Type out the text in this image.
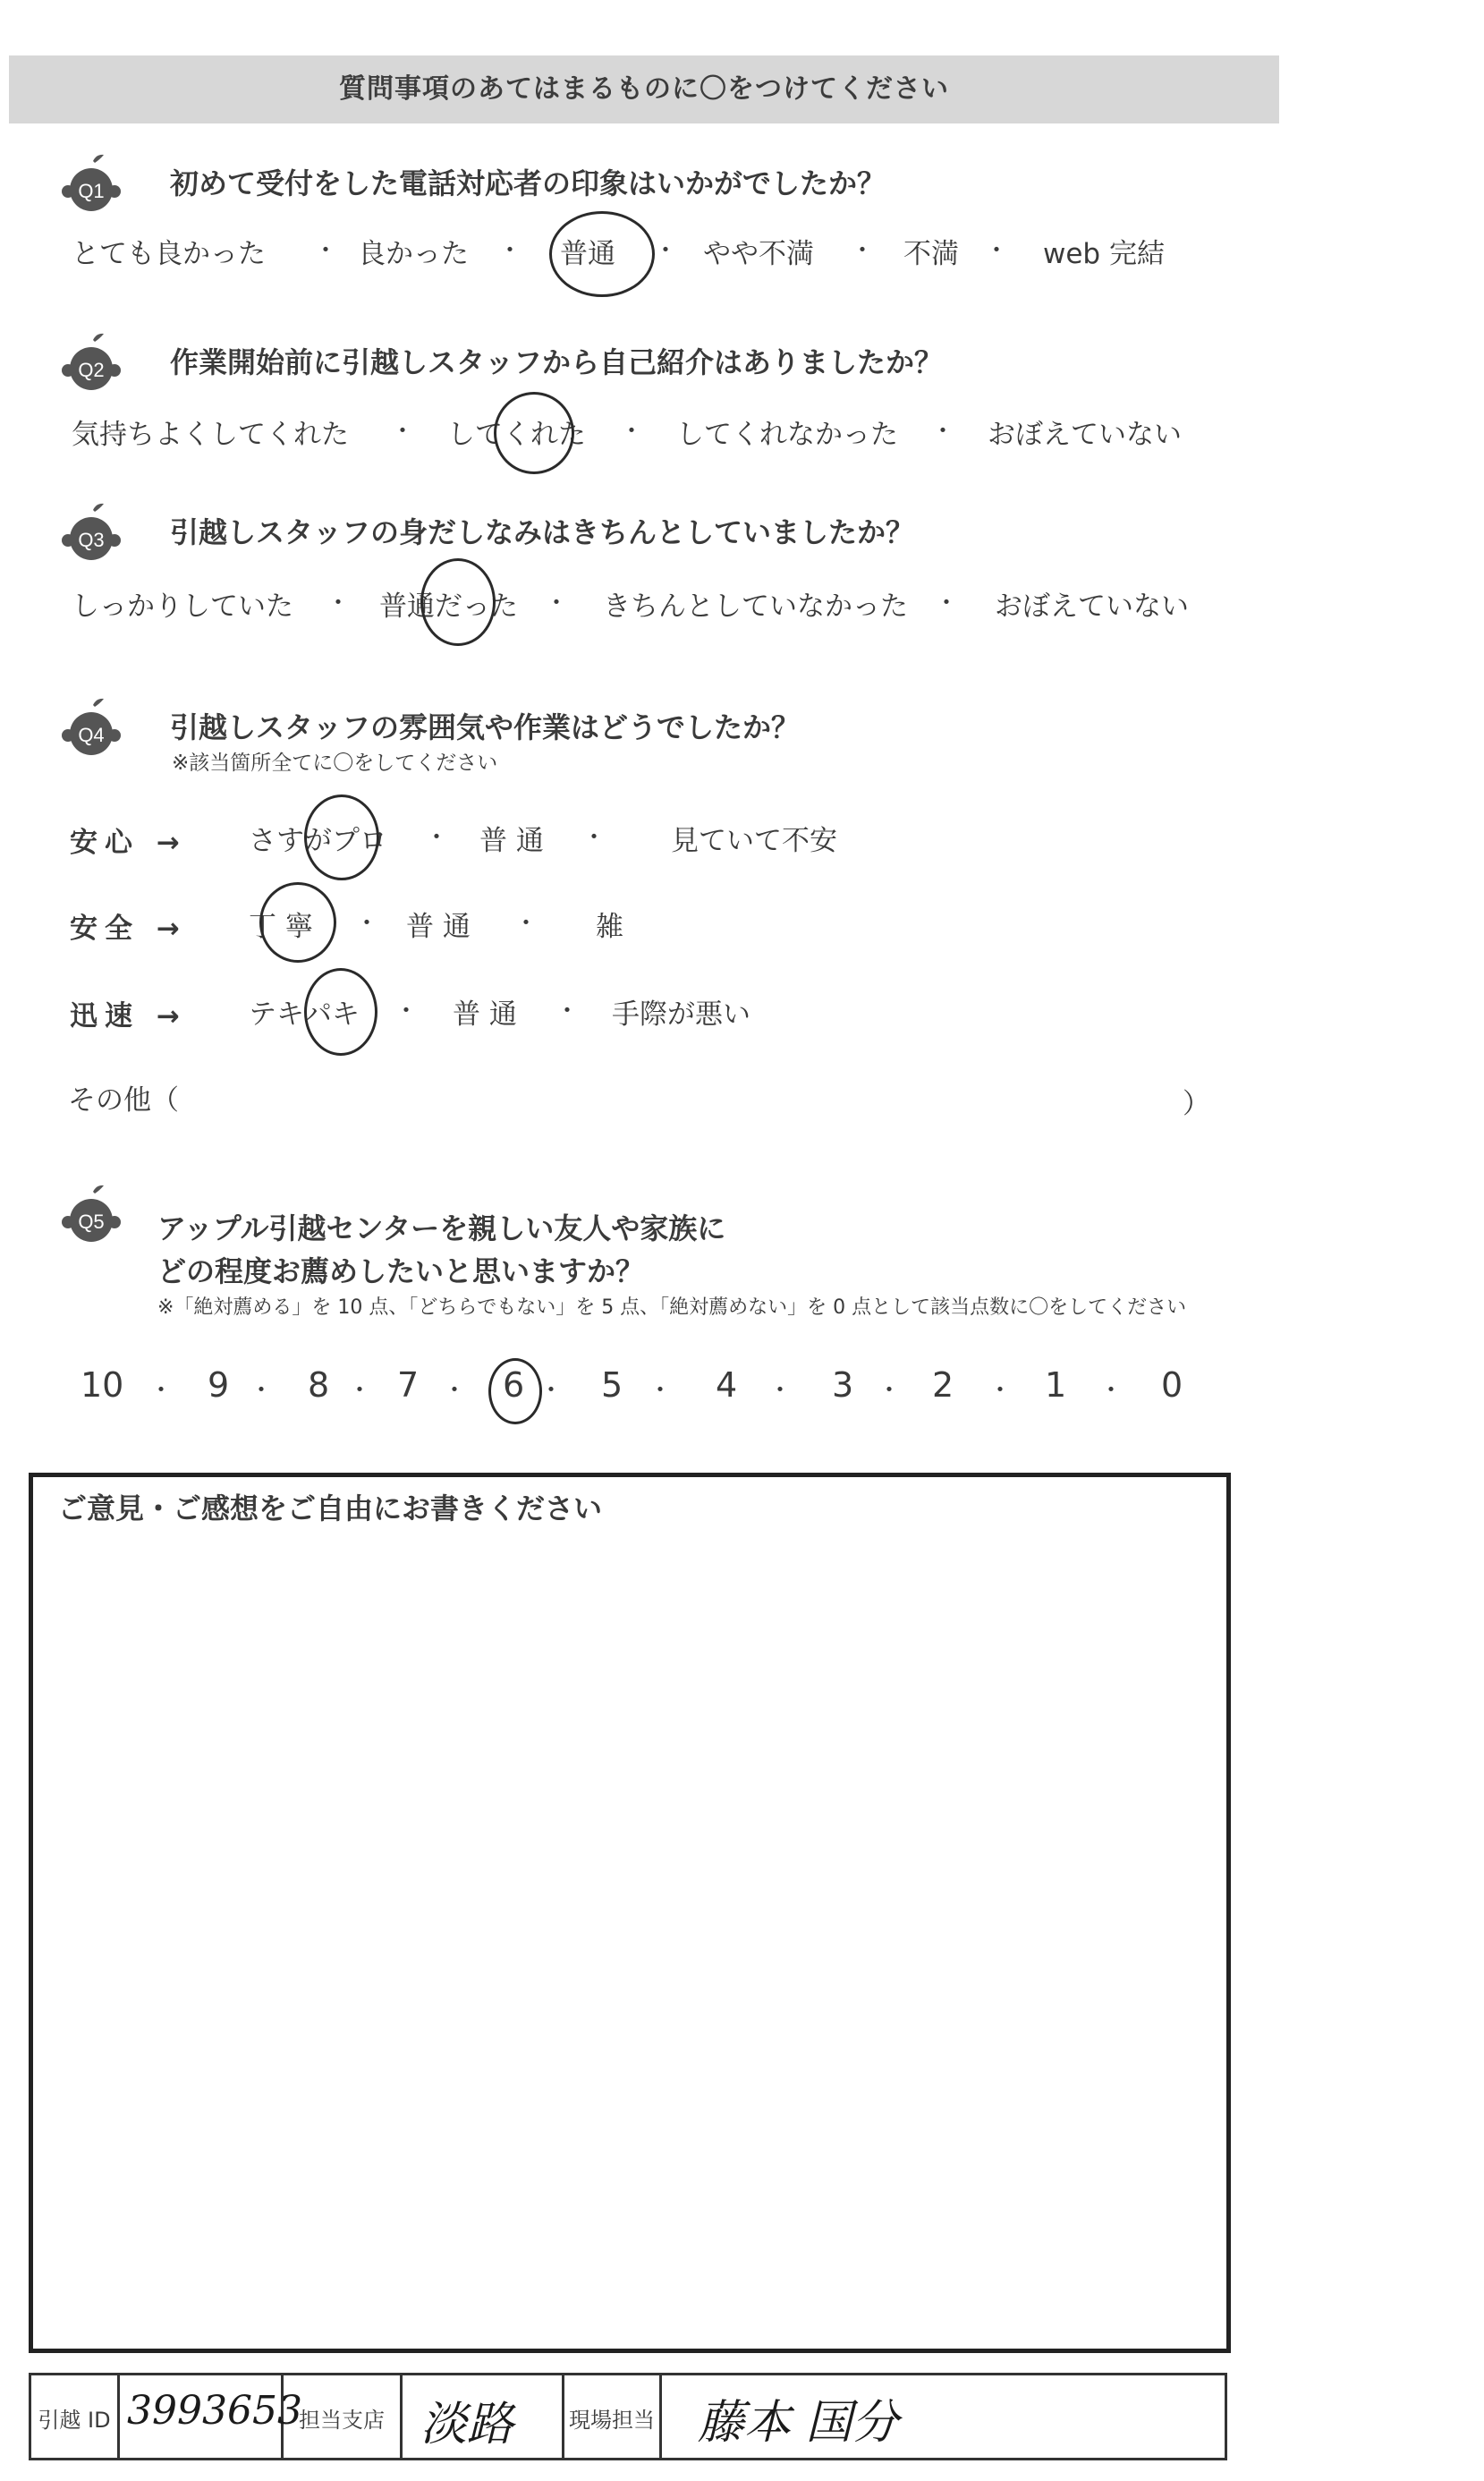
質問事項のあてはまるものに〇をつけてください
Q1 初めて受付をした電話対応者の印象はいかがでしたか？
とても良かった ・ 良かった ・ 普通 ・ やや不満 ・ 不満 ・ web 完結
Q2 作業開始前に引越しスタッフから自己紹介はありましたか？
気持ちよくしてくれた ・ してくれた ・ してくれなかった ・ おぼえていない
Q3 引越しスタッフの身だしなみはきちんとしていましたか？
しっかりしていた ・ 普通だった ・ きちんとしていなかった ・ おぼえていない
Q4 引越しスタッフの雰囲気や作業はどうでしたか？
※該当箇所全てに〇をしてください
安心 → さすがプロ ・ 普 通 ・ 見ていて不安
安全 → 丁 寧 ・ 普 通 ・ 雑
迅速 → テキパキ ・ 普 通 ・ 手際が悪い
その他（	）
Q5 アップル引越センターを親しい友人や家族に
どの程度お薦めしたいと思いますか？
※「絶対薦める」を 10 点、「どちらでもない」を 5 点、「絶対薦めない」を 0 点として該当点数に〇をしてください
10 9 8 7 6 5	4	3 2	1	0
・	・	・	・	・	・	・	・	・	・
ご意見・ご感想をご自由にお書きください
引越 ID 3993653
担当支店 淡路	現場担当 藤本 国分
